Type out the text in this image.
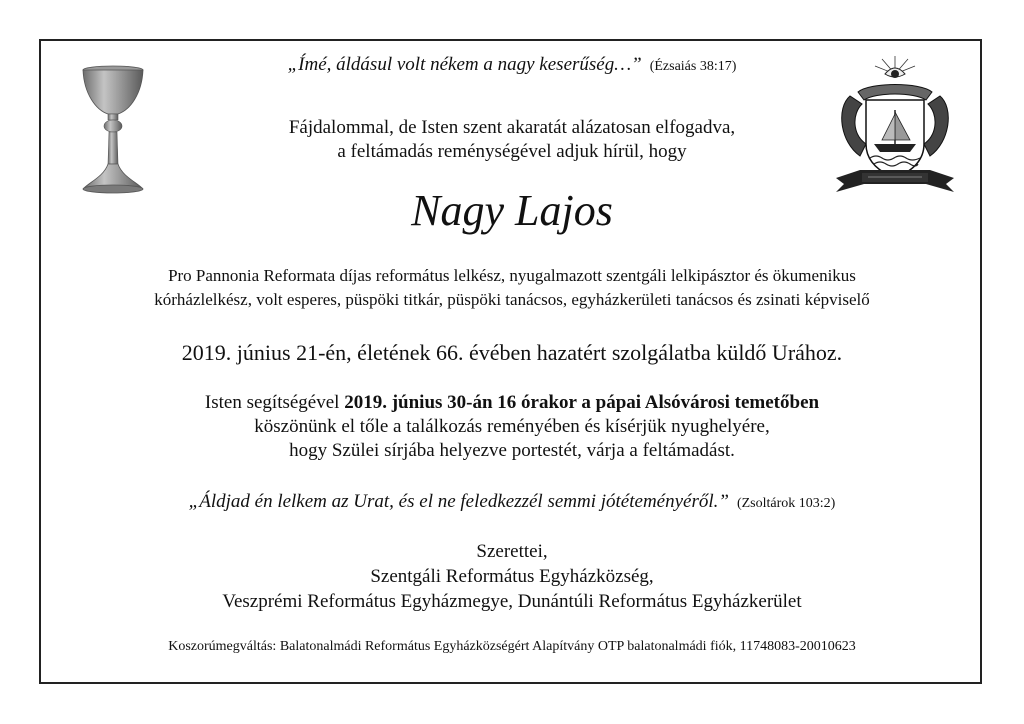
„Ímé, áldásul volt nékem a nagy keserűség…” (Ézsaiás 38:17)
Fájdalommal, de Isten szent akaratát alázatosan elfogadva,
a feltámadás reménységével adjuk hírül, hogy
Nagy Lajos
Pro Pannonia Reformata díjas református lelkész, nyugalmazott szentgáli lelkipásztor és ökumenikus
kórházlelkész, volt esperes, püspöki titkár, püspöki tanácsos, egyházkerületi tanácsos és zsinati képviselő
2019. június 21-én, életének 66. évében hazatért szolgálatba küldő Urához.
Isten segítségével 2019. június 30-án 16 órakor a pápai Alsóvárosi temetőben
köszönünk el tőle a találkozás reményében és kísérjük nyughelyére,
hogy Szülei sírjába helyezve portestét, várja a feltámadást.
„Áldjad én lelkem az Urat, és el ne feledkezzél semmi jótéteményéről.” (Zsoltárok 103:2)
Szerettei,
Szentgáli Református Egyházközség,
Veszprémi Református Egyházmegye, Dunántúli Református Egyházkerület
Koszorúmegváltás: Balatonalmádi Református Egyházközségért Alapítvány OTP balatonalmádi fiók, 11748083-20010623
